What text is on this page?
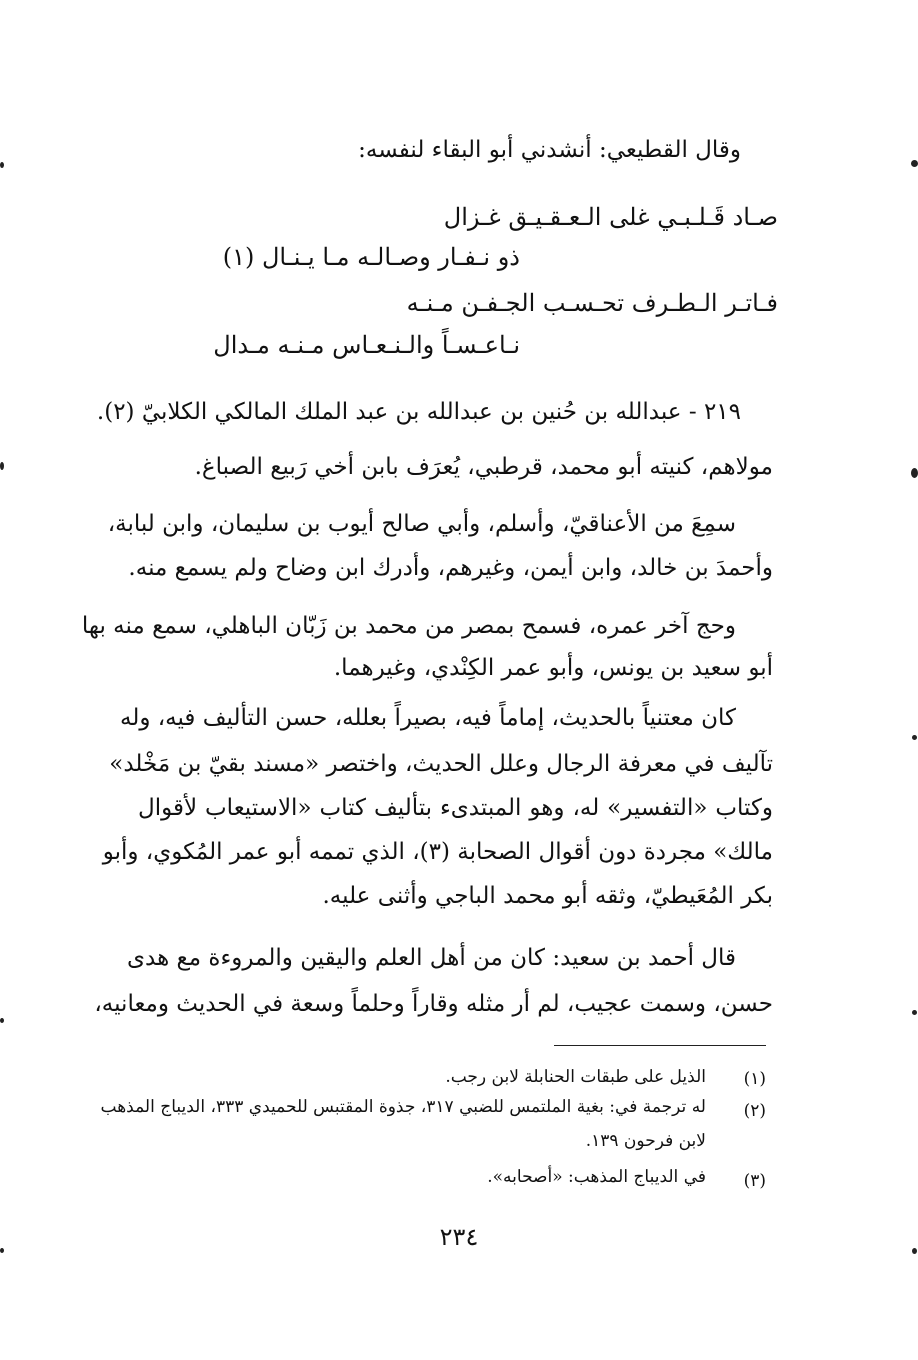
وقال القطيعي: أنشدني أبو البقاء لنفسه:
صـاد قَـلـبـي غلى الـعـقـيـق غـزال
ذو نـفـار وصـالـه مـا يـنـال (١)
فـاتـر الـطـرف تحـسـب الجـفـن مـنـه
نـاعـسـاً والـنـعـاس مـنـه مـدال
٢١٩ - عبدالله بن حُنين بن عبدالله بن عبد الملك المالكي الكلابيّ (٢).
مولاهم، كنيته أبو محمد، قرطبي، يُعرَف بابن أخي رَبيع الصباغ.
سمِعَ من الأعناقيّ، وأسلم، وأبي صالح أيوب بن سليمان، وابن لبابة،
وأحمدَ بن خالد، وابن أيمن، وغيرهم، وأدرك ابن وضاح ولم يسمع منه.
وحج آخر عمره، فسمح بمصر من محمد بن زَبّان الباهلي، سمع منه بها
أبو سعيد بن يونس، وأبو عمر الكِنْدي، وغيرهما.
كان معتنياً بالحديث، إماماً فيه، بصيراً بعلله، حسن التأليف فيه، وله
تآليف في معرفة الرجال وعلل الحديث، واختصر «مسند بقيّ بن مَخْلد»
وكتاب «التفسير» له، وهو المبتدىء بتأليف كتاب «الاستيعاب لأقوال
مالك» مجردة دون أقوال الصحابة (٣)، الذي تممه أبو عمر المُكوي، وأبو
بكر المُعَيطيّ، وثقه أبو محمد الباجي وأثنى عليه.
قال أحمد بن سعيد: كان من أهل العلم واليقين والمروءة مع هدى
حسن، وسمت عجيب، لم أر مثله وقاراً وحلماً وسعة في الحديث ومعانيه،
(١)
الذيل على طبقات الحنابلة لابن رجب.
(٢)
له ترجمة في: بغية الملتمس للضبي ٣١٧، جذوة المقتبس للحميدي ٣٣٣، الديباج المذهب
لابن فرحون ١٣٩.
(٣)
في الديباج المذهب: «أصحابه».
٢٣٤
